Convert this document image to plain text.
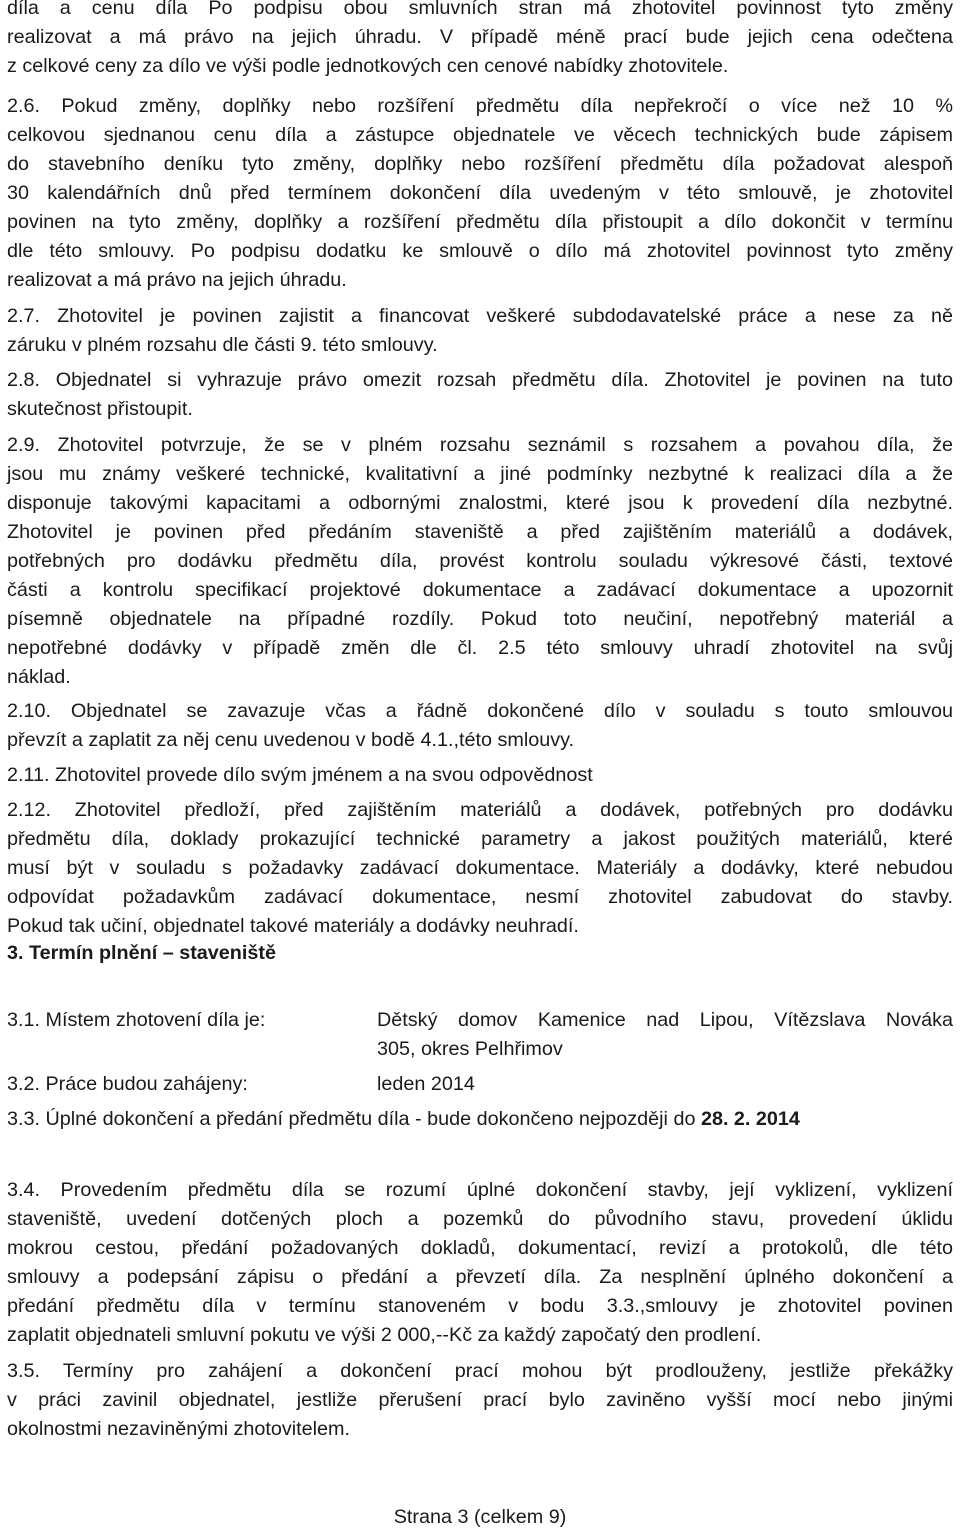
díla a cenu díla Po podpisu obou smluvních stran má zhotovitel povinnost tyto změny
realizovat a má právo na jejich úhradu. V případě méně prací bude jejich cena odečtena
z celkové ceny za dílo ve výši podle jednotkových cen cenové nabídky zhotovitele.
2.6. Pokud změny, doplňky nebo rozšíření předmětu díla nepřekročí o více než 10 %
celkovou sjednanou cenu díla a zástupce objednatele ve věcech technických bude zápisem
do stavebního deníku tyto změny, doplňky nebo rozšíření předmětu díla požadovat alespoň
30 kalendářních dnů před termínem dokončení díla uvedeným v této smlouvě, je zhotovitel
povinen na tyto změny, doplňky a rozšíření předmětu díla přistoupit a dílo dokončit v termínu
dle této smlouvy. Po podpisu dodatku ke smlouvě o dílo má zhotovitel povinnost tyto změny
realizovat a má právo na jejich úhradu.
2.7. Zhotovitel je povinen zajistit a financovat veškeré subdodavatelské práce a nese za ně
záruku v plném rozsahu dle části 9. této smlouvy.
2.8. Objednatel si vyhrazuje právo omezit rozsah předmětu díla. Zhotovitel je povinen na tuto
skutečnost přistoupit.
2.9. Zhotovitel potvrzuje, že se v plném rozsahu seznámil s rozsahem a povahou díla, že
jsou mu známy veškeré technické, kvalitativní a jiné podmínky nezbytné k realizaci díla a že
disponuje takovými kapacitami a odbornými znalostmi, které jsou k provedení díla nezbytné.
Zhotovitel je povinen před předáním staveniště a před zajištěním materiálů a dodávek,
potřebných pro dodávku předmětu díla, provést kontrolu souladu výkresové části, textové
části a kontrolu specifikací projektové dokumentace a zadávací dokumentace a upozornit
písemně objednatele na případné rozdíly. Pokud toto neučiní, nepotřebný materiál a
nepotřebné dodávky v případě změn dle čl. 2.5 této smlouvy uhradí zhotovitel na svůj
náklad.
2.10. Objednatel se zavazuje včas a řádně dokončené dílo v souladu s touto smlouvou
převzít a zaplatit za něj cenu uvedenou v bodě 4.1.,této smlouvy.
2.11. Zhotovitel provede dílo svým jménem a na svou odpovědnost
2.12. Zhotovitel předloží, před zajištěním materiálů a dodávek, potřebných pro dodávku
předmětu díla, doklady prokazující technické parametry a jakost použitých materiálů, které
musí být v souladu s požadavky zadávací dokumentace. Materiály a dodávky, které nebudou
odpovídat požadavkům zadávací dokumentace, nesmí zhotovitel zabudovat do stavby.
Pokud tak učiní, objednatel takové materiály a dodávky neuhradí.
3. Termín plnění – staveniště
3.1. Místem zhotovení díla je:	Dětský domov Kamenice nad Lipou, Vítězslava Nováka
305, okres Pelhřimov
3.2. Práce budou zahájeny:	leden 2014
3.3. Úplné dokončení a předání předmětu díla - bude dokončeno nejpozději do 28. 2. 2014
3.4. Provedením předmětu díla se rozumí úplné dokončení stavby, její vyklizení, vyklizení
staveniště, uvedení dotčených ploch a pozemků do původního stavu, provedení úklidu
mokrou cestou, předání požadovaných dokladů, dokumentací, revizí a protokolů, dle této
smlouvy a podepsání zápisu o předání a převzetí díla. Za nesplnění úplného dokončení a
předání předmětu díla v termínu stanoveném v bodu 3.3.,smlouvy je zhotovitel povinen
zaplatit objednateli smluvní pokutu ve výši 2 000,--Kč za každý započatý den prodlení.
3.5. Termíny pro zahájení a dokončení prací mohou být prodlouženy, jestliže překážky
v práci zavinil objednatel, jestliže přerušení prací bylo zaviněno vyšší mocí nebo jinými
okolnostmi nezaviněnými zhotovitelem.
Strana 3 (celkem 9)
